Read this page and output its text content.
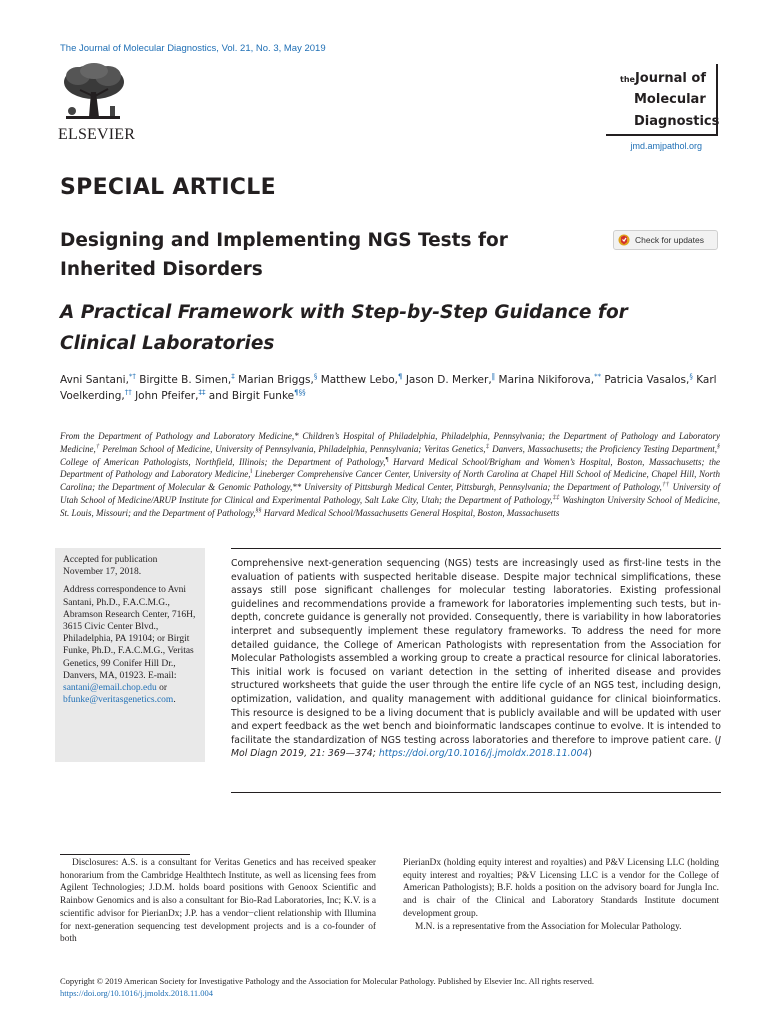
The Journal of Molecular Diagnostics, Vol. 21, No. 3, May 2019
ELSEVIER
theJournal of
Molecular
Diagnostics
jmd.amjpathol.org
SPECIAL ARTICLE
Designing and Implementing NGS Tests for
Inherited Disorders
Check for updates
A Practical Framework with Step-by-Step Guidance for
Clinical Laboratories
Avni Santani,*† Birgitte B. Simen,‡ Marian Briggs,§ Matthew Lebo,¶ Jason D. Merker,‖ Marina Nikiforova,** Patricia Vasalos,§ Karl Voelkerding,†† John Pfeifer,‡‡ and Birgit Funke¶§§
From the Department of Pathology and Laboratory Medicine,* Children’s Hospital of Philadelphia, Philadelphia, Pennsylvania; the Department of Pathology and Laboratory Medicine,† Perelman School of Medicine, University of Pennsylvania, Philadelphia, Pennsylvania; Veritas Genetics,‡ Danvers, Massachusetts; the Proficiency Testing Department,§ College of American Pathologists, Northfield, Illinois; the Department of Pathology,¶ Harvard Medical School/Brigham and Women’s Hospital, Boston, Massachusetts; the Department of Pathology and Laboratory Medicine,‖ Lineberger Comprehensive Cancer Center, University of North Carolina at Chapel Hill School of Medicine, Chapel Hill, North Carolina; the Department of Molecular & Genomic Pathology,** University of Pittsburgh Medical Center, Pittsburgh, Pennsylvania; the Department of Pathology,†† University of Utah School of Medicine/ARUP Institute for Clinical and Experimental Pathology, Salt Lake City, Utah; the Department of Pathology,‡‡ Washington University School of Medicine, St. Louis, Missouri; and the Department of Pathology,§§ Harvard Medical School/Massachusetts General Hospital, Boston, Massachusetts
Accepted for publication November 17, 2018.
Address correspondence to Avni Santani, Ph.D., F.A.C.M.G., Abramson Research Center, 716H, 3615 Civic Center Blvd., Philadelphia, PA 19104; or Birgit Funke, Ph.D., F.A.C.M.G., Veritas Genetics, 99 Conifer Hill Dr., Danvers, MA, 01923. E-mail: santani@email.chop.edu or bfunke@veritasgenetics.com.
Comprehensive next-generation sequencing (NGS) tests are increasingly used as first-line tests in the evaluation of patients with suspected heritable disease. Despite major technical simplifications, these assays still pose significant challenges for molecular testing laboratories. Existing professional guidelines and recommendations provide a framework for laboratories implementing such tests, but in-depth, concrete guidance is generally not provided. Consequently, there is variability in how laboratories interpret and subsequently implement these regulatory frameworks. To address the need for more detailed guidance, the College of American Pathologists with representation from the Association for Molecular Pathologists assembled a working group to create a practical resource for clinical laboratories. This initial work is focused on variant detection in the setting of inherited disease and provides structured worksheets that guide the user through the entire life cycle of an NGS test, including design, optimization, validation, and quality management with additional guidance for clinical bioinformatics. This resource is designed to be a living document that is publicly available and will be updated with user and expert feedback as the wet bench and bioinformatic landscapes continue to evolve. It is intended to facilitate the standardization of NGS testing across laboratories and therefore to improve patient care. (J Mol Diagn 2019, 21: 369—374; https://doi.org/10.1016/j.jmoldx.2018.11.004)
Disclosures: A.S. is a consultant for Veritas Genetics and has received speaker honorarium from the Cambridge Healthtech Institute, as well as licensing fees from Agilent Technologies; J.D.M. holds board positions with Genoox Scientific and Rainbow Genomics and is also a consultant for Bio-Rad Laboratories, Inc; K.V. is a scientific advisor for PierianDx; J.P. has a vendor−client relationship with Illumina for next-generation sequencing test development projects and is a co-founder of both

PierianDx (holding equity interest and royalties) and P&V Licensing LLC (holding equity interest and royalties; P&V Licensing LLC is a vendor for the College of American Pathologists); B.F. holds a position on the advisory board for Jungla Inc. and is chair of the Clinical and Laboratory Standards Institute document development group.

M.N. is a representative from the Association for Molecular Pathology.

Copyright © 2019 American Society for Investigative Pathology and the Association for Molecular Pathology. Published by Elsevier Inc. All rights reserved.
https://doi.org/10.1016/j.jmoldx.2018.11.004
